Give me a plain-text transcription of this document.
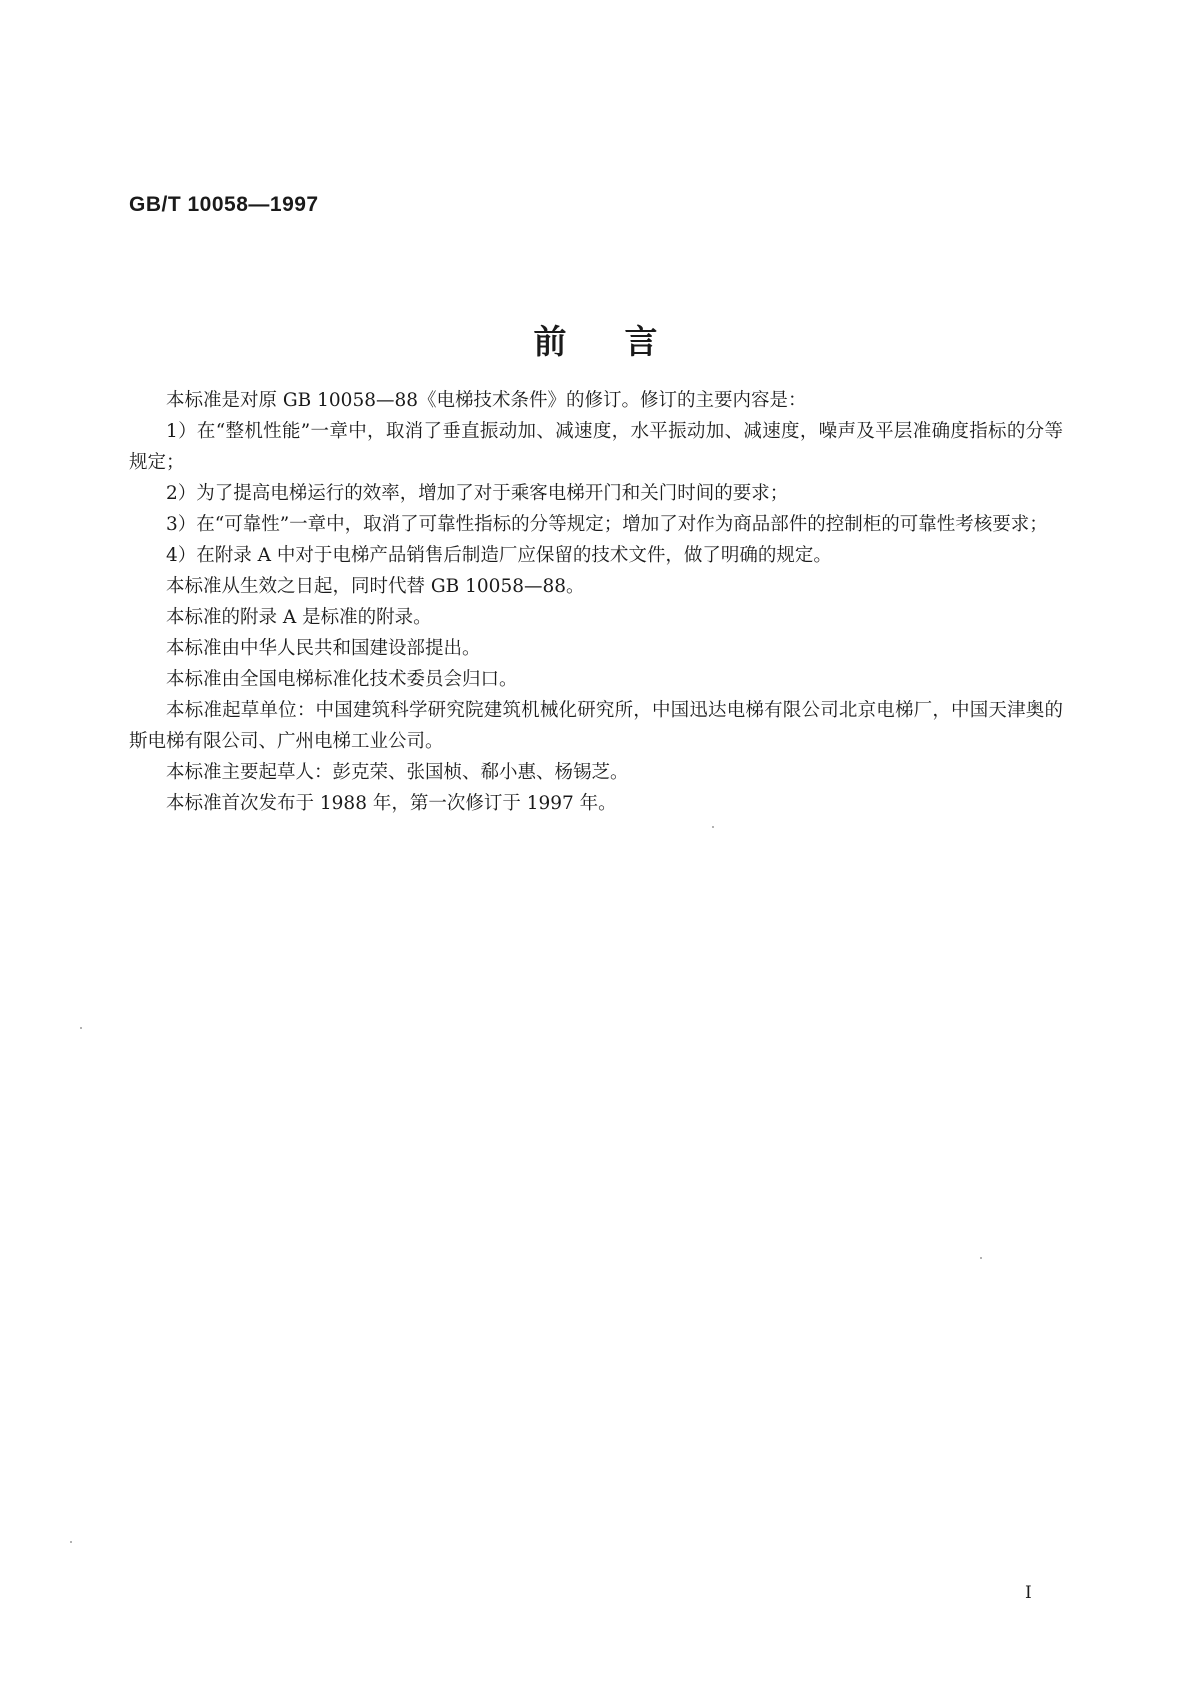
GB/T 10058—1997
前言

本标准是对原 GB 10058—88《电梯技术条件》的修订。修订的主要内容是：

1）在“整机性能”一章中，取消了垂直振动加、减速度，水平振动加、减速度，噪声及平层准确度指标的分等规定；

2）为了提高电梯运行的效率，增加了对于乘客电梯开门和关门时间的要求；

3）在“可靠性”一章中，取消了可靠性指标的分等规定；增加了对作为商品部件的控制柜的可靠性考核要求；

4）在附录 A 中对于电梯产品销售后制造厂应保留的技术文件，做了明确的规定。

本标准从生效之日起，同时代替 GB 10058—88。

本标准的附录 A 是标准的附录。

本标准由中华人民共和国建设部提出。

本标准由全国电梯标准化技术委员会归口。

本标准起草单位：中国建筑科学研究院建筑机械化研究所，中国迅达电梯有限公司北京电梯厂，中国天津奥的斯电梯有限公司、广州电梯工业公司。

本标准主要起草人：彭克荣、张国桢、郗小惠、杨锡芝。

本标准首次发布于 1988 年，第一次修订于 1997 年。

I
